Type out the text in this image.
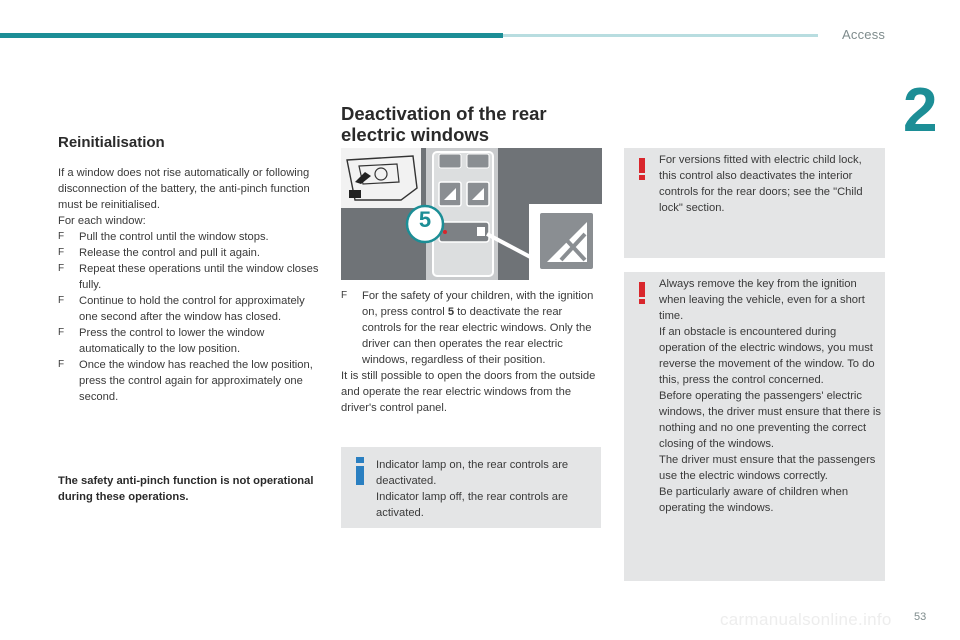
Access
2
Reinitialisation
If a window does not rise automatically or following disconnection of the battery, the anti-pinch function must be reinitialised.
For each window:
F Pull the control until the window stops.
F Release the control and pull it again.
F Repeat these operations until the window closes fully.
F Continue to hold the control for approximately one second after the window has closed.
F Press the control to lower the window automatically to the low position.
F Once the window has reached the low position, press the control again for approximately one second.
The safety anti-pinch function is not operational during these operations.
Deactivation of the rear
electric windows
5
F For the safety of your children, with the ignition on, press control 5 to deactivate the rear controls for the rear electric windows. Only the driver can then operates the rear electric windows, regardless of their position.
It is still possible to open the doors from the outside and operate the rear electric windows from the driver's control panel.
Indicator lamp on, the rear controls are deactivated.
Indicator lamp off, the rear controls are activated.
For versions fitted with electric child lock, this control also deactivates the interior controls for the rear doors; see the "Child lock" section.
Always remove the key from the ignition when leaving the vehicle, even for a short time.
If an obstacle is encountered during operation of the electric windows, you must reverse the movement of the window. To do this, press the control concerned.
Before operating the passengers' electric windows, the driver must ensure that there is nothing and no one preventing the correct closing of the windows.
The driver must ensure that the passengers use the electric windows correctly.
Be particularly aware of children when operating the windows.
carmanualsonline.info 53
